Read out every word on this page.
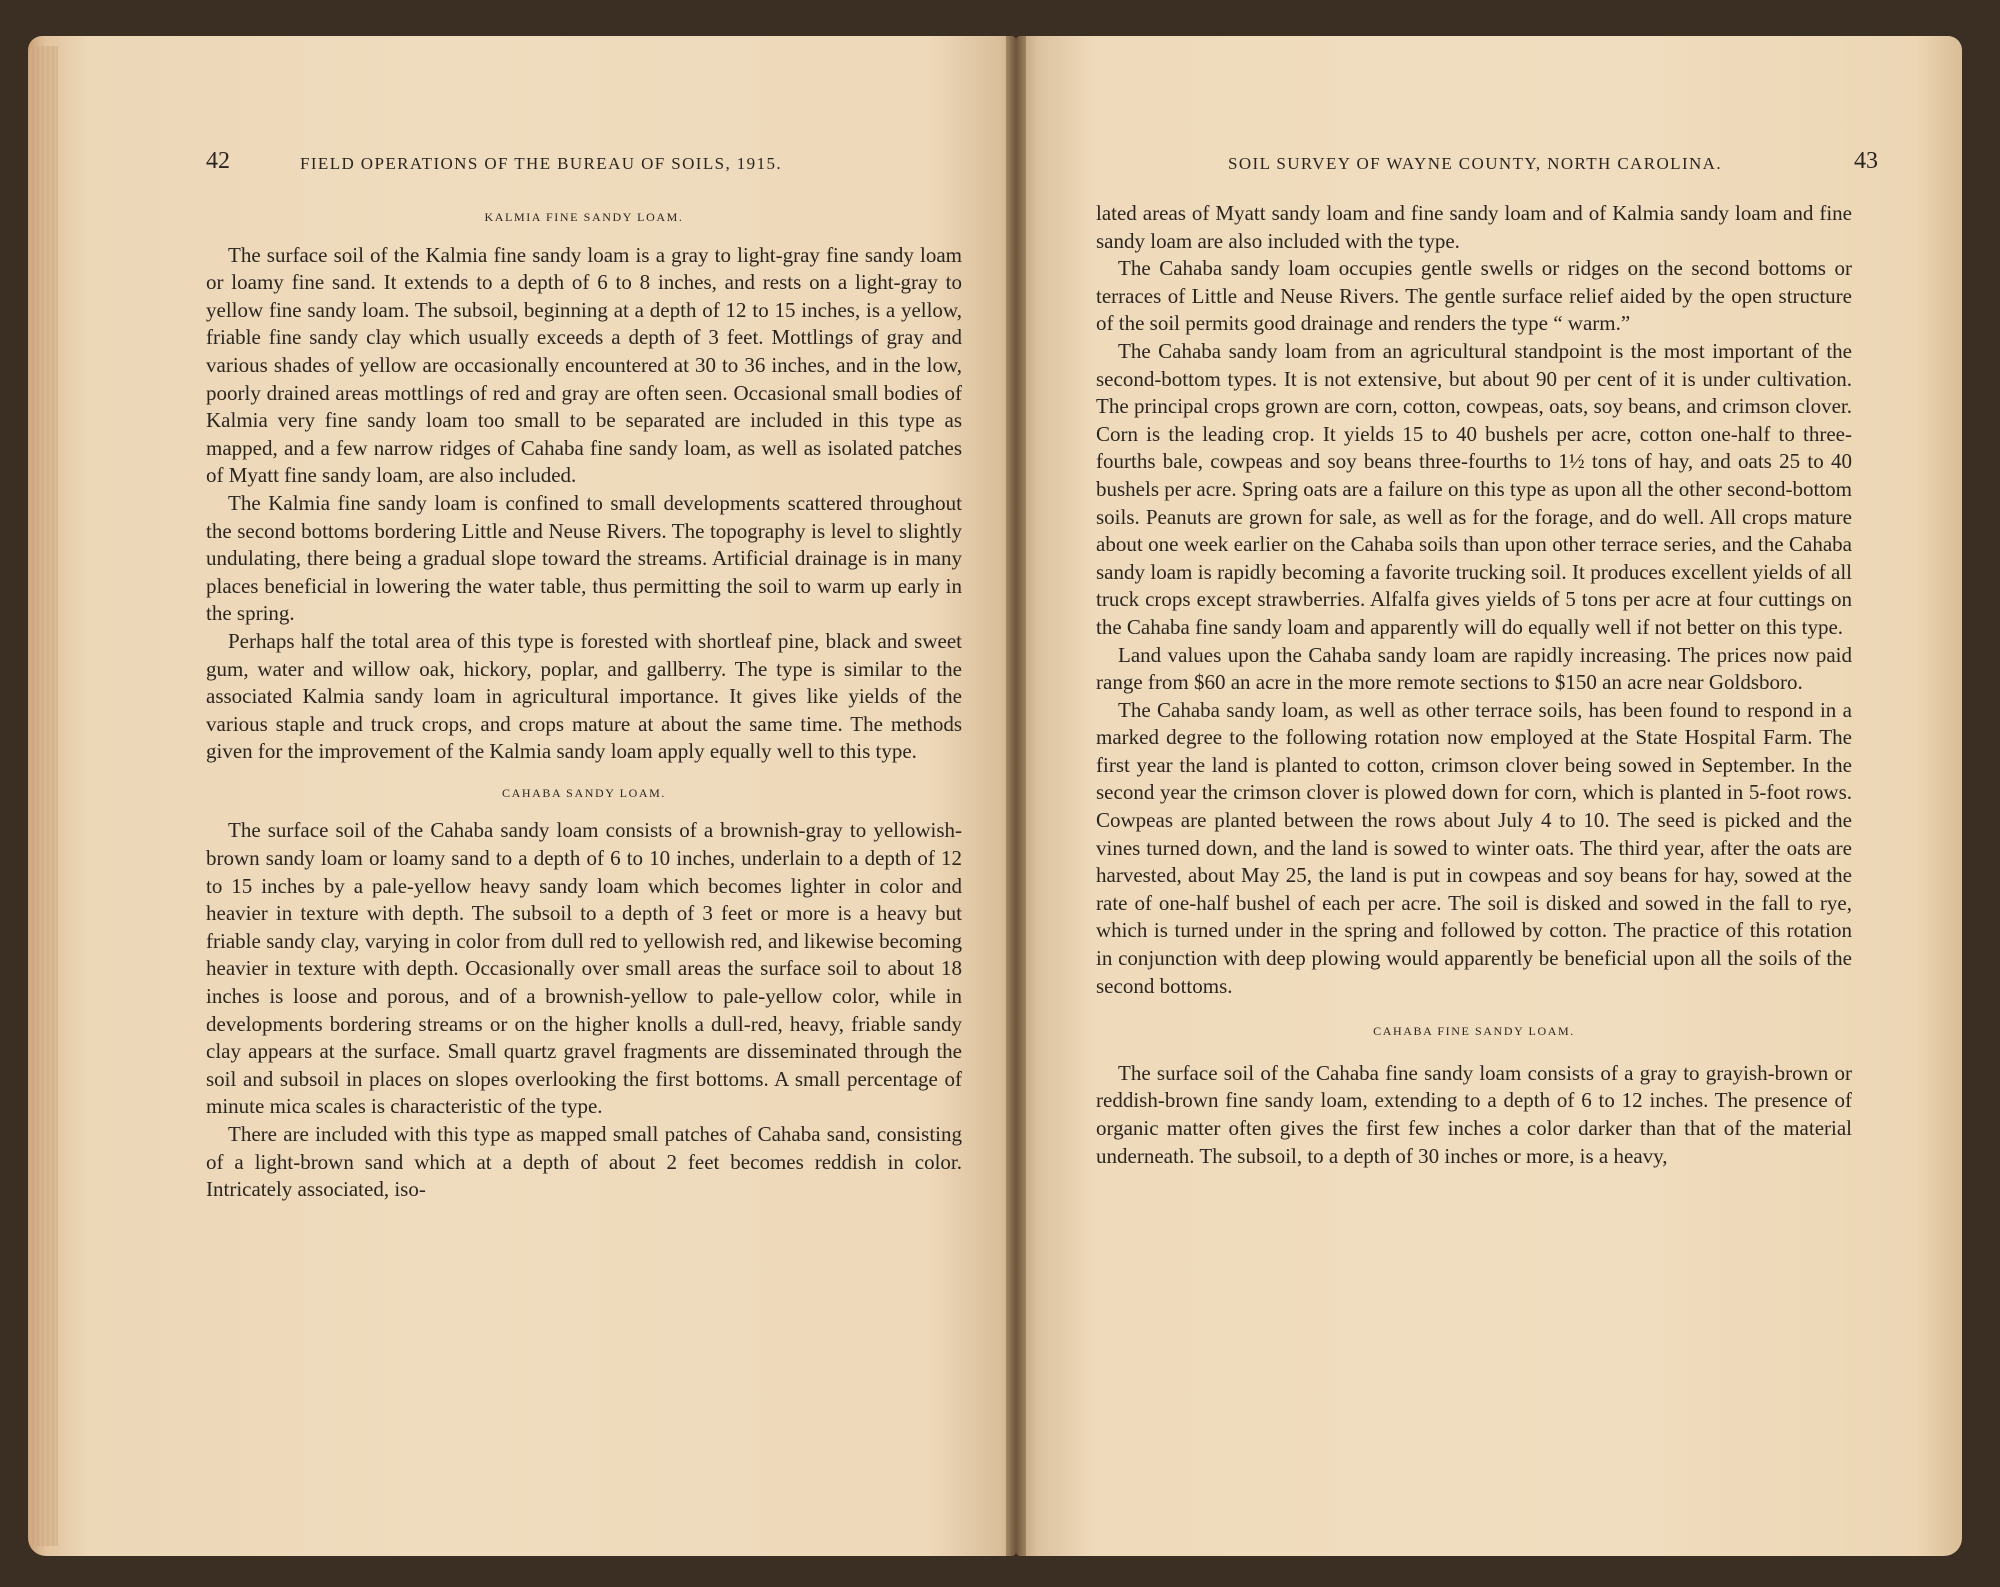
42	FIELD OPERATIONS OF THE BUREAU OF SOILS, 1915.
KALMIA FINE SANDY LOAM.

The surface soil of the Kalmia fine sandy loam is a gray to light-gray fine sandy loam or loamy fine sand. It extends to a depth of 6 to 8 inches, and rests on a light-gray to yellow fine sandy loam. The subsoil, beginning at a depth of 12 to 15 inches, is a yellow, friable fine sandy clay which usually exceeds a depth of 3 feet. Mottlings of gray and various shades of yellow are occasionally encountered at 30 to 36 inches, and in the low, poorly drained areas mottlings of red and gray are often seen. Occasional small bodies of Kalmia very fine sandy loam too small to be separated are included in this type as mapped, and a few narrow ridges of Cahaba fine sandy loam, as well as isolated patches of Myatt fine sandy loam, are also included.

The Kalmia fine sandy loam is confined to small developments scattered throughout the second bottoms bordering Little and Neuse Rivers. The topography is level to slightly undulating, there being a gradual slope toward the streams. Artificial drainage is in many places beneficial in lowering the water table, thus permitting the soil to warm up early in the spring.

Perhaps half the total area of this type is forested with shortleaf pine, black and sweet gum, water and willow oak, hickory, poplar, and gallberry. The type is similar to the associated Kalmia sandy loam in agricultural importance. It gives like yields of the various staple and truck crops, and crops mature at about the same time. The methods given for the improvement of the Kalmia sandy loam apply equally well to this type.

CAHABA SANDY LOAM.

The surface soil of the Cahaba sandy loam consists of a brownish-gray to yellowish-brown sandy loam or loamy sand to a depth of 6 to 10 inches, underlain to a depth of 12 to 15 inches by a pale-yellow heavy sandy loam which becomes lighter in color and heavier in texture with depth. The subsoil to a depth of 3 feet or more is a heavy but friable sandy clay, varying in color from dull red to yellowish red, and likewise becoming heavier in texture with depth. Occasionally over small areas the surface soil to about 18 inches is loose and porous, and of a brownish-yellow to pale-yellow color, while in developments bordering streams or on the higher knolls a dull-red, heavy, friable sandy clay appears at the surface. Small quartz gravel fragments are disseminated through the soil and subsoil in places on slopes overlooking the first bottoms. A small percentage of minute mica scales is characteristic of the type.

There are included with this type as mapped small patches of Cahaba sand, consisting of a light-brown sand which at a depth of about 2 feet becomes reddish in color. Intricately associated, iso-

SOIL SURVEY OF WAYNE COUNTY, NORTH CAROLINA.	43

lated areas of Myatt sandy loam and fine sandy loam and of Kalmia sandy loam and fine sandy loam are also included with the type.

The Cahaba sandy loam occupies gentle swells or ridges on the second bottoms or terraces of Little and Neuse Rivers. The gentle surface relief aided by the open structure of the soil permits good drainage and renders the type “ warm.”

The Cahaba sandy loam from an agricultural standpoint is the most important of the second-bottom types. It is not extensive, but about 90 per cent of it is under cultivation. The principal crops grown are corn, cotton, cowpeas, oats, soy beans, and crimson clover. Corn is the leading crop. It yields 15 to 40 bushels per acre, cotton one-half to three-fourths bale, cowpeas and soy beans three-fourths to 1½ tons of hay, and oats 25 to 40 bushels per acre. Spring oats are a failure on this type as upon all the other second-bottom soils. Peanuts are grown for sale, as well as for the forage, and do well. All crops mature about one week earlier on the Cahaba soils than upon other terrace series, and the Cahaba sandy loam is rapidly becoming a favorite trucking soil. It produces excellent yields of all truck crops except strawberries. Alfalfa gives yields of 5 tons per acre at four cuttings on the Cahaba fine sandy loam and apparently will do equally well if not better on this type.

Land values upon the Cahaba sandy loam are rapidly increasing. The prices now paid range from $60 an acre in the more remote sections to $150 an acre near Goldsboro.

The Cahaba sandy loam, as well as other terrace soils, has been found to respond in a marked degree to the following rotation now employed at the State Hospital Farm. The first year the land is planted to cotton, crimson clover being sowed in September. In the second year the crimson clover is plowed down for corn, which is planted in 5-foot rows. Cowpeas are planted between the rows about July 4 to 10. The seed is picked and the vines turned down, and the land is sowed to winter oats. The third year, after the oats are harvested, about May 25, the land is put in cowpeas and soy beans for hay, sowed at the rate of one-half bushel of each per acre. The soil is disked and sowed in the fall to rye, which is turned under in the spring and followed by cotton. The practice of this rotation in conjunction with deep plowing would apparently be beneficial upon all the soils of the second bottoms.

CAHABA FINE SANDY LOAM.

The surface soil of the Cahaba fine sandy loam consists of a gray to grayish-brown or reddish-brown fine sandy loam, extending to a depth of 6 to 12 inches. The presence of organic matter often gives the first few inches a color darker than that of the material underneath. The subsoil, to a depth of 30 inches or more, is a heavy,
